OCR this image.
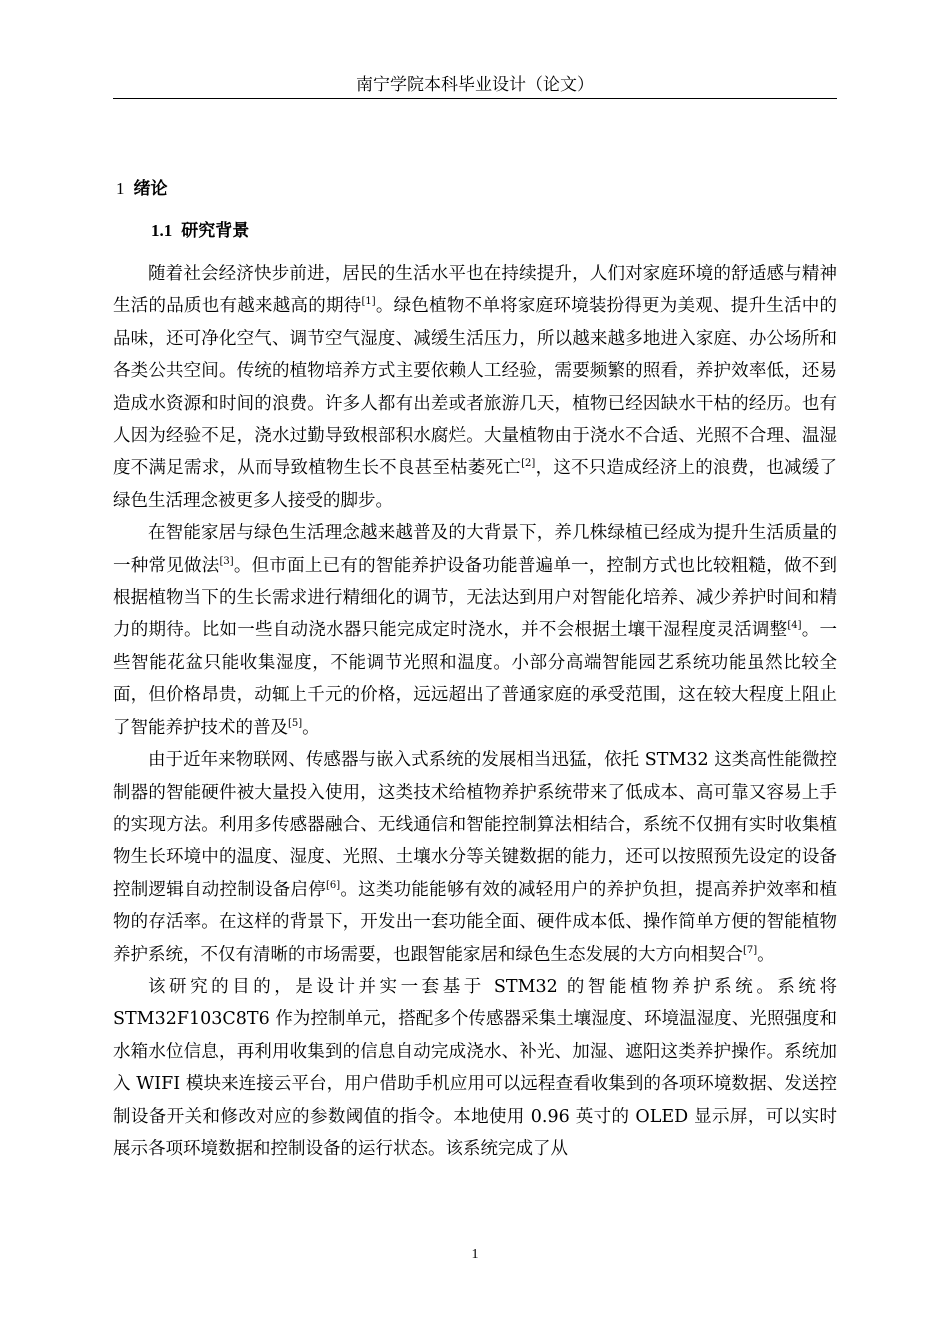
南宁学院本科毕业设计（论文）
1 绪论
1.1 研究背景

随着社会经济快步前进，居民的生活水平也在持续提升，人们对家庭环境的舒适感与精神生活的品质也有越来越高的期待[1]。绿色植物不单将家庭环境装扮得更为美观、提升生活中的品味，还可净化空气、调节空气湿度、减缓生活压力，所以越来越多地进入家庭、办公场所和各类公共空间。传统的植物培养方式主要依赖人工经验，需要频繁的照看，养护效率低，还易造成水资源和时间的浪费。许多人都有出差或者旅游几天，植物已经因缺水干枯的经历。也有人因为经验不足，浇水过勤导致根部积水腐烂。大量植物由于浇水不合适、光照不合理、温湿度不满足需求，从而导致植物生长不良甚至枯萎死亡[2]，这不只造成经济上的浪费，也减缓了绿色生活理念被更多人接受的脚步。

在智能家居与绿色生活理念越来越普及的大背景下，养几株绿植已经成为提升生活质量的一种常见做法[3]。但市面上已有的智能养护设备功能普遍单一，控制方式也比较粗糙，做不到根据植物当下的生长需求进行精细化的调节，无法达到用户对智能化培养、减少养护时间和精力的期待。比如一些自动浇水器只能完成定时浇水，并不会根据土壤干湿程度灵活调整[4]。一些智能花盆只能收集湿度，不能调节光照和温度。小部分高端智能园艺系统功能虽然比较全面，但价格昂贵，动辄上千元的价格，远远超出了普通家庭的承受范围，这在较大程度上阻止了智能养护技术的普及[5]。

由于近年来物联网、传感器与嵌入式系统的发展相当迅猛，依托 STM32 这类高性能微控制器的智能硬件被大量投入使用，这类技术给植物养护系统带来了低成本、高可靠又容易上手的实现方法。利用多传感器融合、无线通信和智能控制算法相结合，系统不仅拥有实时收集植物生长环境中的温度、湿度、光照、土壤水分等关键数据的能力，还可以按照预先设定的设备控制逻辑自动控制设备启停[6]。这类功能能够有效的减轻用户的养护负担，提高养护效率和植物的存活率。在这样的背景下，开发出一套功能全面、硬件成本低、操作简单方便的智能植物养护系统，不仅有清晰的市场需要，也跟智能家居和绿色生态发展的大方向相契合[7]。

该研究的目的，是设计并实一套基于 STM32 的智能植物养护系统。系统将 STM32F103C8T6 作为控制单元，搭配多个传感器采集土壤湿度、环境温湿度、光照强度和水箱水位信息，再利用收集到的信息自动完成浇水、补光、加湿、遮阳这类养护操作。系统加入 WIFI 模块来连接云平台，用户借助手机应用可以远程查看收集到的各项环境数据、发送控制设备开关和修改对应的参数阈值的指令。本地使用 0.96 英寸的 OLED 显示屏，可以实时展示各项环境数据和控制设备的运行状态。该系统完成了从

1
